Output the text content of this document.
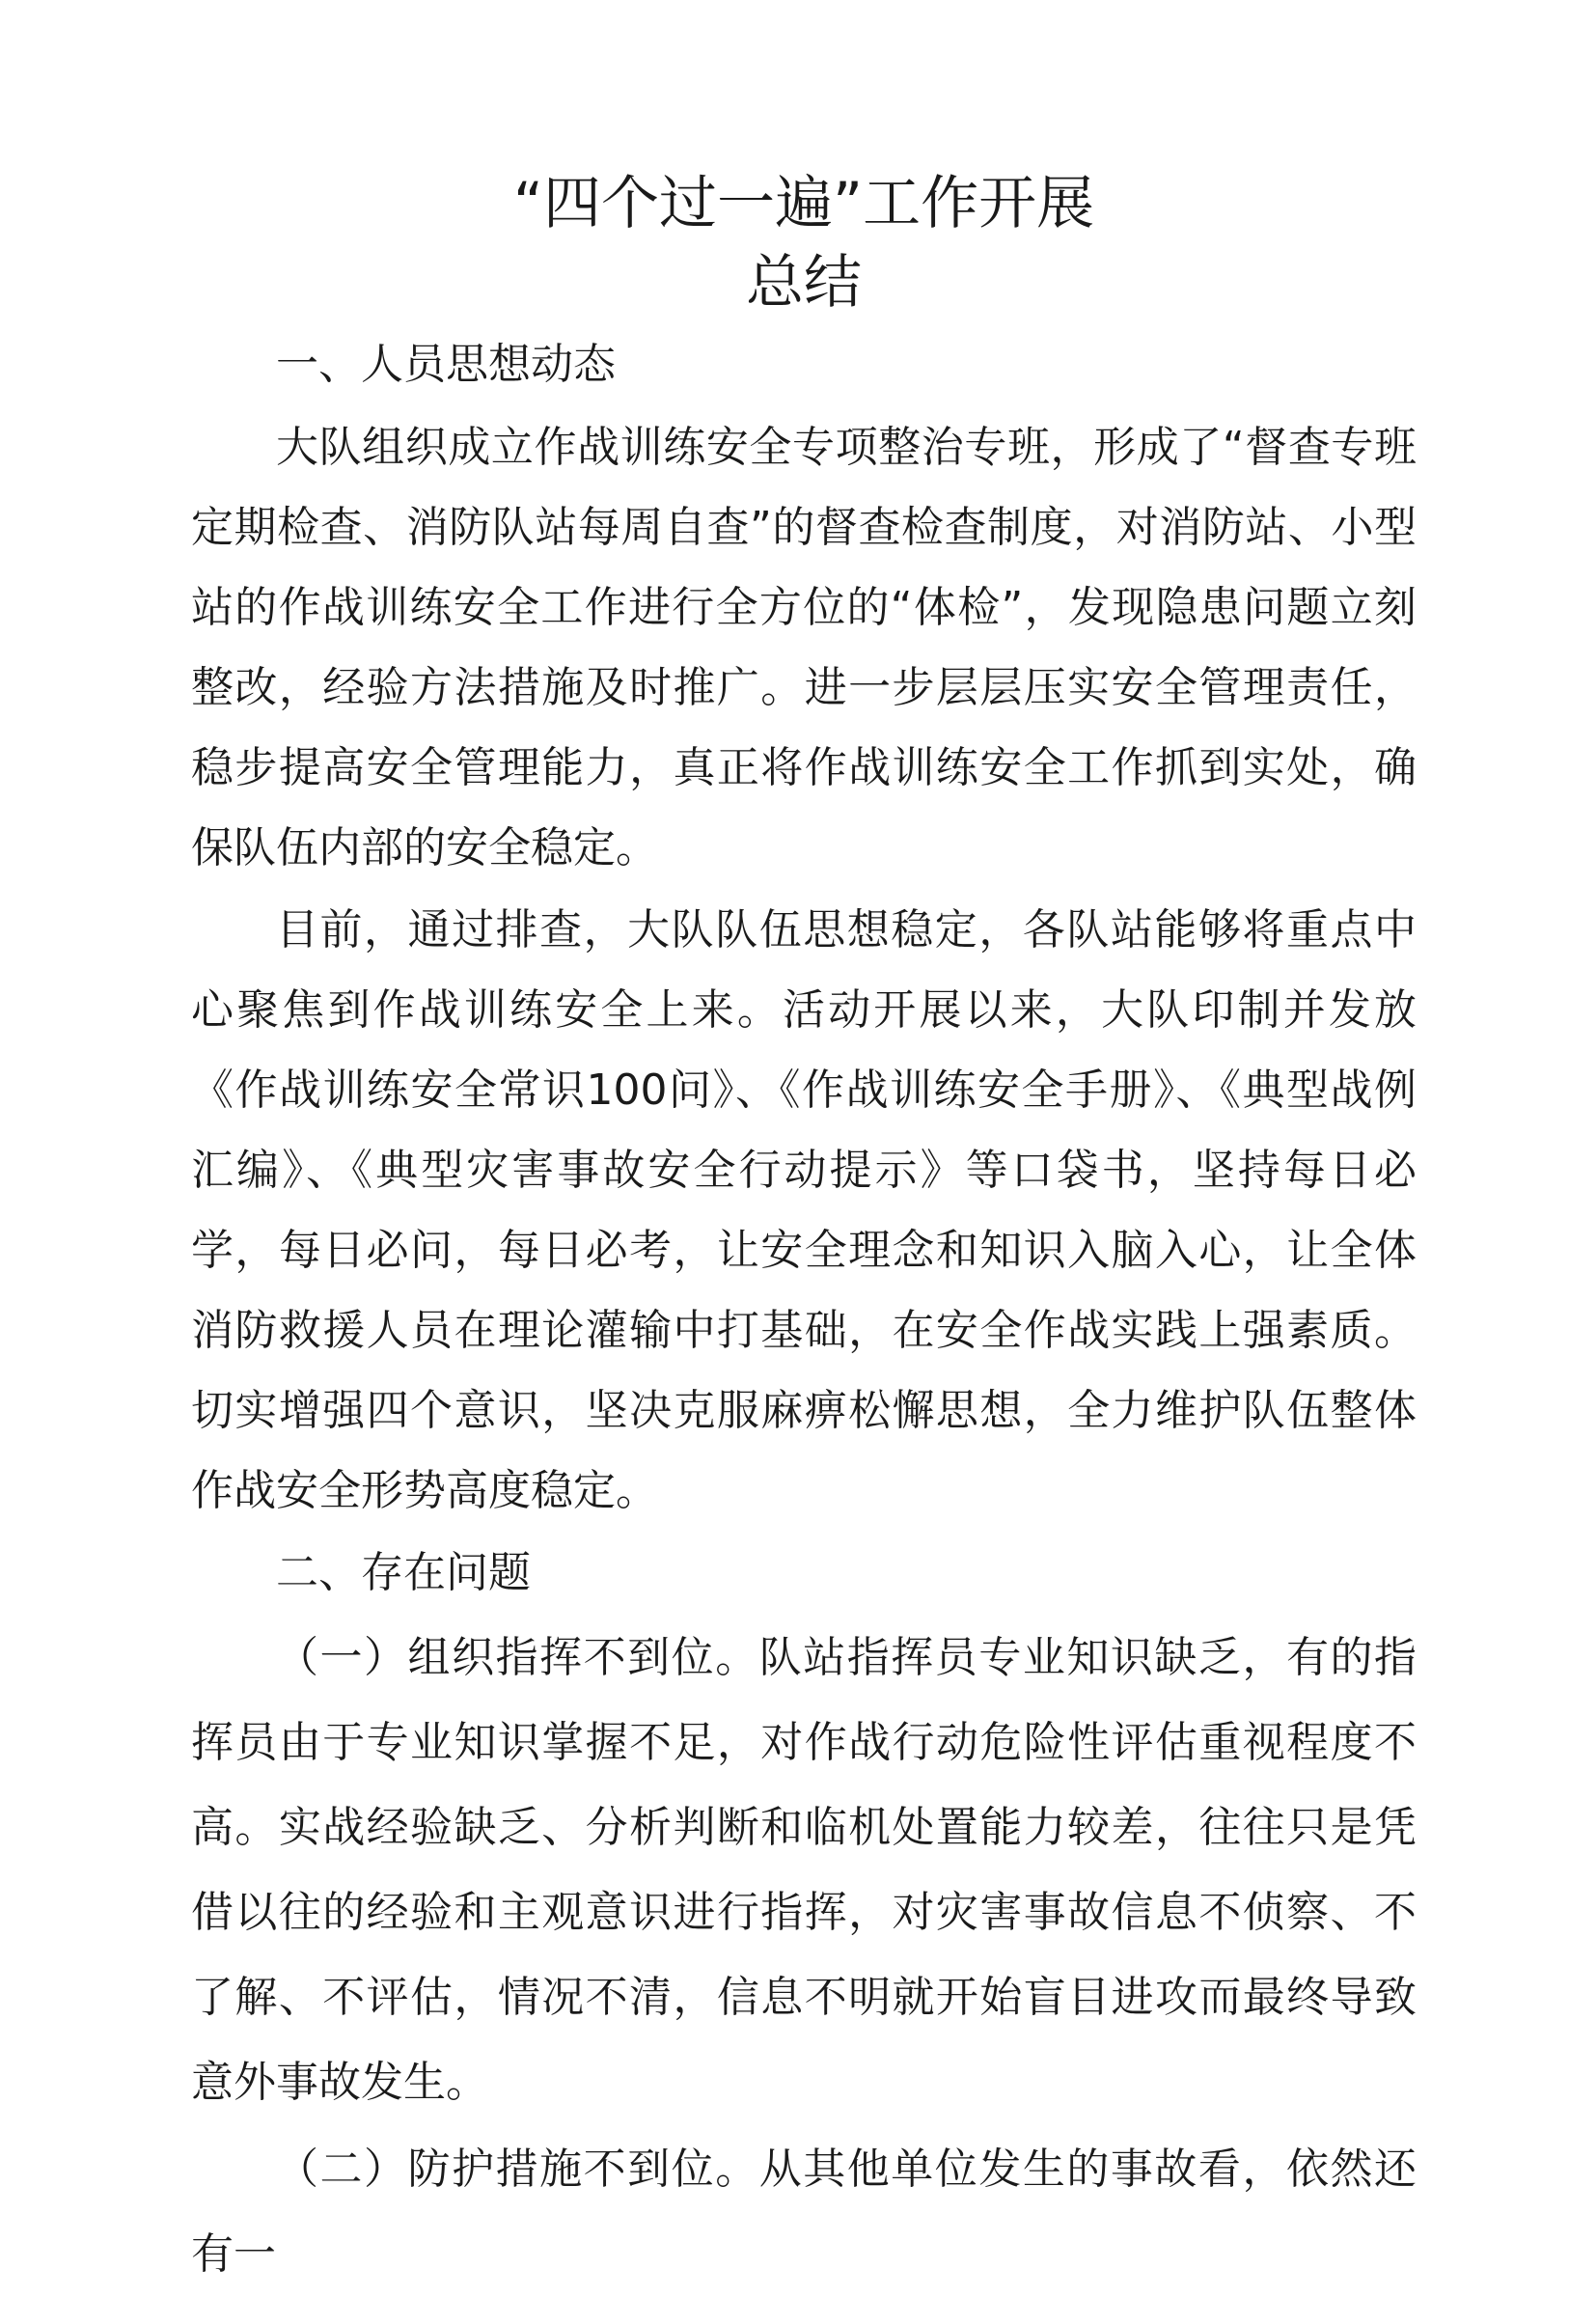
“四个过一遍”工作开展
总结

一、人员思想动态

大队组织成立作战训练安全专项整治专班，形成了“督查专班定期检查、消防队站每周自查”的督查检查制度，对消防站、小型站的作战训练安全工作进行全方位的“体检”，发现隐患问题立刻整改，经验方法措施及时推广。进一步层层压实安全管理责任，稳步提高安全管理能力，真正将作战训练安全工作抓到实处，确保队伍内部的安全稳定。

目前，通过排查，大队队伍思想稳定，各队站能够将重点中心聚焦到作战训练安全上来。活动开展以来，大队印制并发放《作战训练安全常识100问》、《作战训练安全手册》、《典型战例汇编》、《典型灾害事故安全行动提示》等口袋书，坚持每日必学，每日必问，每日必考，让安全理念和知识入脑入心，让全体消防救援人员在理论灌输中打基础，在安全作战实践上强素质。切实增强四个意识，坚决克服麻痹松懈思想，全力维护队伍整体作战安全形势高度稳定。

二、存在问题

（一）组织指挥不到位。队站指挥员专业知识缺乏，有的指挥员由于专业知识掌握不足，对作战行动危险性评估重视程度不高。实战经验缺乏、分析判断和临机处置能力较差，往往只是凭借以往的经验和主观意识进行指挥，对灾害事故信息不侦察、不了解、不评估，情况不清，信息不明就开始盲目进攻而最终导致意外事故发生。

（二）防护措施不到位。从其他单位发生的事故看，依然还有一
